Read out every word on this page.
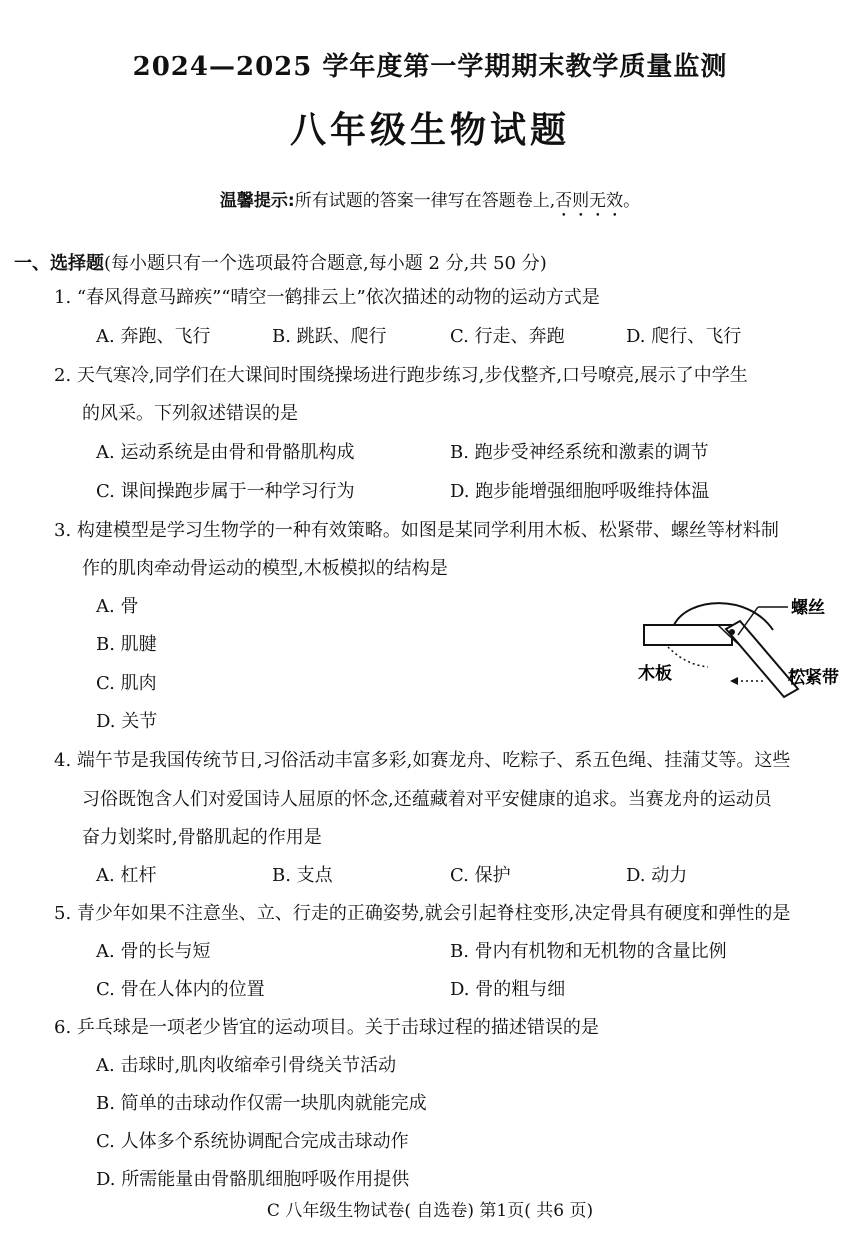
2024—2025 学年度第一学期期末教学质量监测
八年级生物试题
温馨提示:所有试题的答案一律写在答题卷上,否则无效。
一、选择题(每小题只有一个选项最符合题意,每小题 2 分,共 50 分)
1. “春风得意马蹄疾”“晴空一鹤排云上”依次描述的动物的运动方式是
A. 奔跑、飞行	B. 跳跃、爬行	C. 行走、奔跑	D. 爬行、飞行
2. 天气寒冷,同学们在大课间时围绕操场进行跑步练习,步伐整齐,口号嘹亮,展示了中学生
的风采。下列叙述错误的是
A. 运动系统是由骨和骨骼肌构成	B. 跑步受神经系统和激素的调节
C. 课间操跑步属于一种学习行为	D. 跑步能增强细胞呼吸维持体温
3. 构建模型是学习生物学的一种有效策略。如图是某同学利用木板、松紧带、螺丝等材料制
作的肌肉牵动骨运动的模型,木板模拟的结构是
A. 骨
B. 肌腱
C. 肌肉
D. 关节
螺丝
木板	松紧带
4. 端午节是我国传统节日,习俗活动丰富多彩,如赛龙舟、吃粽子、系五色绳、挂蒲艾等。这些
习俗既饱含人们对爱国诗人屈原的怀念,还蕴藏着对平安健康的追求。当赛龙舟的运动员
奋力划桨时,骨骼肌起的作用是
A. 杠杆	B. 支点	C. 保护	D. 动力
5. 青少年如果不注意坐、立、行走的正确姿势,就会引起脊柱变形,决定骨具有硬度和弹性的是
A. 骨的长与短	B. 骨内有机物和无机物的含量比例
C. 骨在人体内的位置	D. 骨的粗与细
6. 乒乓球是一项老少皆宜的运动项目。关于击球过程的描述错误的是
A. 击球时,肌肉收缩牵引骨绕关节活动
B. 简单的击球动作仅需一块肌肉就能完成
C. 人体多个系统协调配合完成击球动作
D. 所需能量由骨骼肌细胞呼吸作用提供
C 八年级生物试卷( 自选卷) 第1页( 共6 页)
